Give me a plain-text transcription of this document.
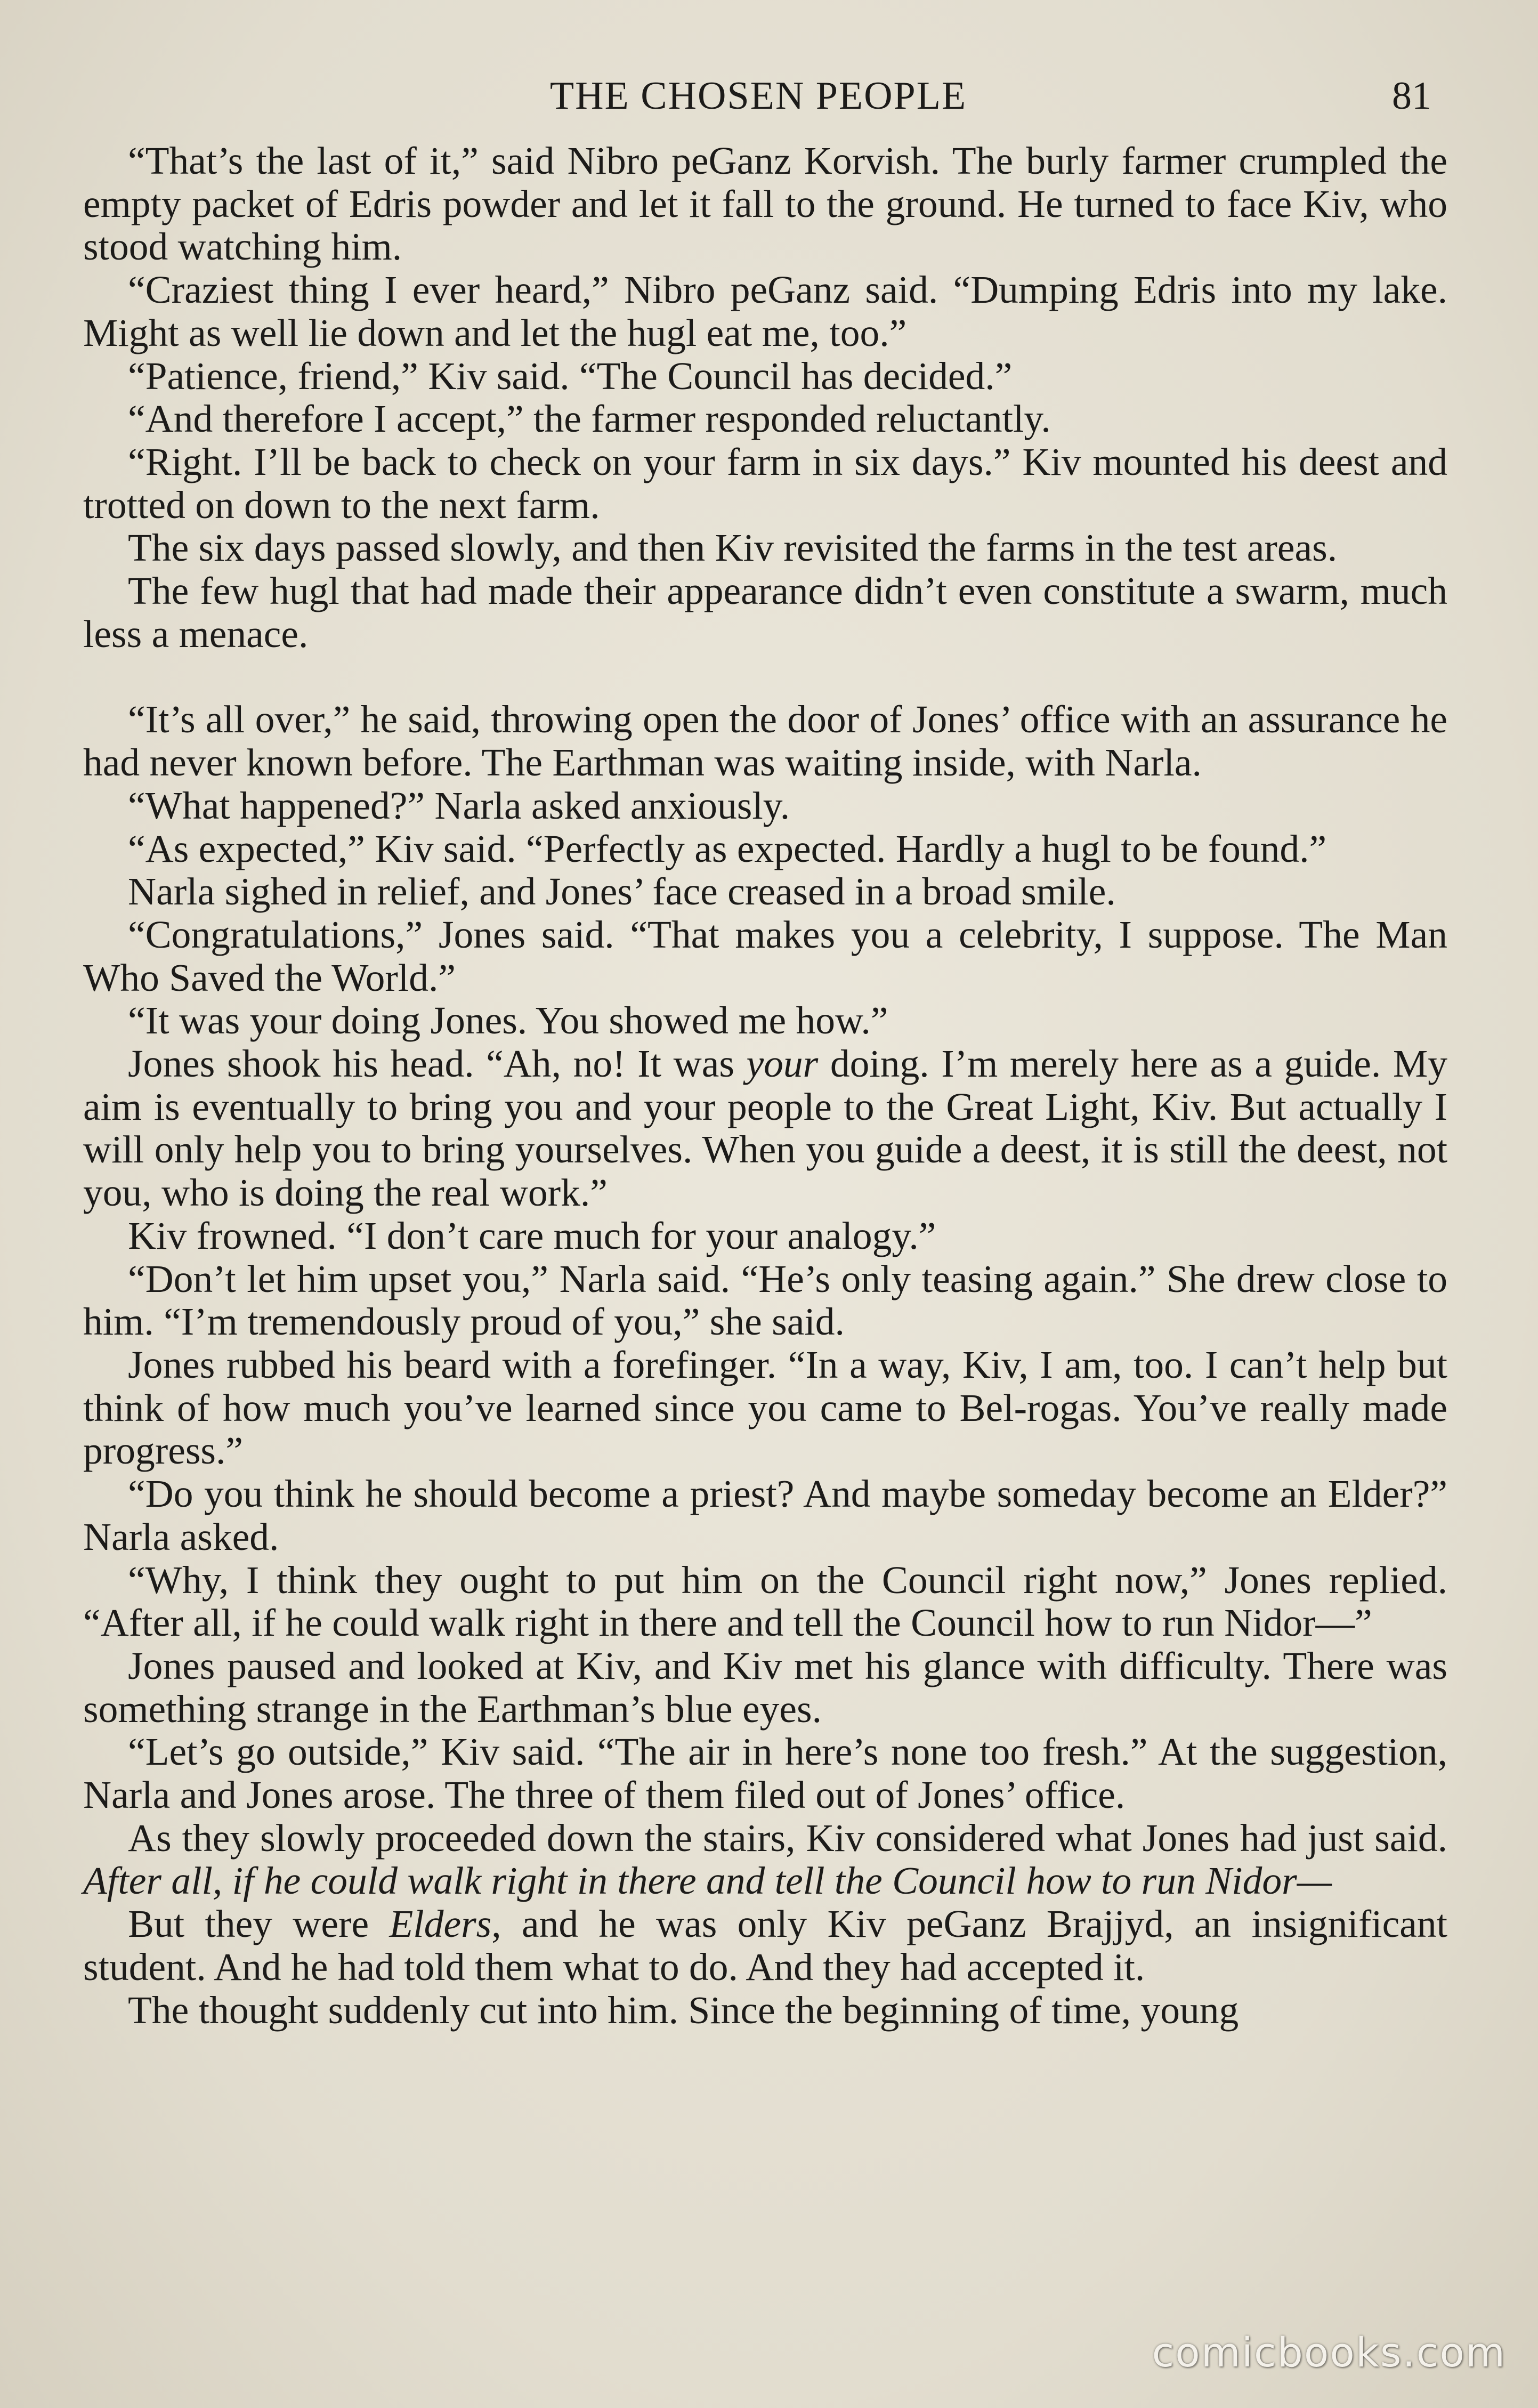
THE CHOSEN PEOPLE	81

“That’s the last of it,” said Nibro peGanz Korvish. The burly farmer crumpled the empty packet of Edris powder and let it fall to the ground. He turned to face Kiv, who stood watching him.

“Craziest thing I ever heard,” Nibro peGanz said. “Dumping Edris into my lake. Might as well lie down and let the hugl eat me, too.”

“Patience, friend,” Kiv said. “The Council has decided.”

“And therefore I accept,” the farmer responded reluctantly.

“Right. I’ll be back to check on your farm in six days.” Kiv mounted his deest and trotted on down to the next farm.

The six days passed slowly, and then Kiv revisited the farms in the test areas.

The few hugl that had made their appearance didn’t even constitute a swarm, much less a menace.

“It’s all over,” he said, throwing open the door of Jones’ office with an assurance he had never known before. The Earthman was waiting inside, with Narla.

“What happened?” Narla asked anxiously.

“As expected,” Kiv said. “Perfectly as expected. Hardly a hugl to be found.”

Narla sighed in relief, and Jones’ face creased in a broad smile.

“Congratulations,” Jones said. “That makes you a celebrity, I suppose. The Man Who Saved the World.”

“It was your doing Jones. You showed me how.”

Jones shook his head. “Ah, no! It was your doing. I’m merely here as a guide. My aim is eventually to bring you and your people to the Great Light, Kiv. But actually I will only help you to bring yourselves. When you guide a deest, it is still the deest, not you, who is doing the real work.”

Kiv frowned. “I don’t care much for your analogy.”

“Don’t let him upset you,” Narla said. “He’s only teasing again.” She drew close to him. “I’m tremendously proud of you,” she said.

Jones rubbed his beard with a forefinger. “In a way, Kiv, I am, too. I can’t help but think of how much you’ve learned since you came to Bel-rogas. You’ve really made progress.”

“Do you think he should become a priest? And maybe someday become an Elder?” Narla asked.

“Why, I think they ought to put him on the Council right now,” Jones replied. “After all, if he could walk right in there and tell the Council how to run Nidor—”

Jones paused and looked at Kiv, and Kiv met his glance with difficulty. There was something strange in the Earthman’s blue eyes.

“Let’s go outside,” Kiv said. “The air in here’s none too fresh.” At the suggestion, Narla and Jones arose. The three of them filed out of Jones’ office.

As they slowly proceeded down the stairs, Kiv considered what Jones had just said. After all, if he could walk right in there and tell the Council how to run Nidor—

But they were Elders, and he was only Kiv peGanz Brajjyd, an insignificant student. And he had told them what to do. And they had accepted it.

The thought suddenly cut into him. Since the beginning of time, young

comicbooks.com
